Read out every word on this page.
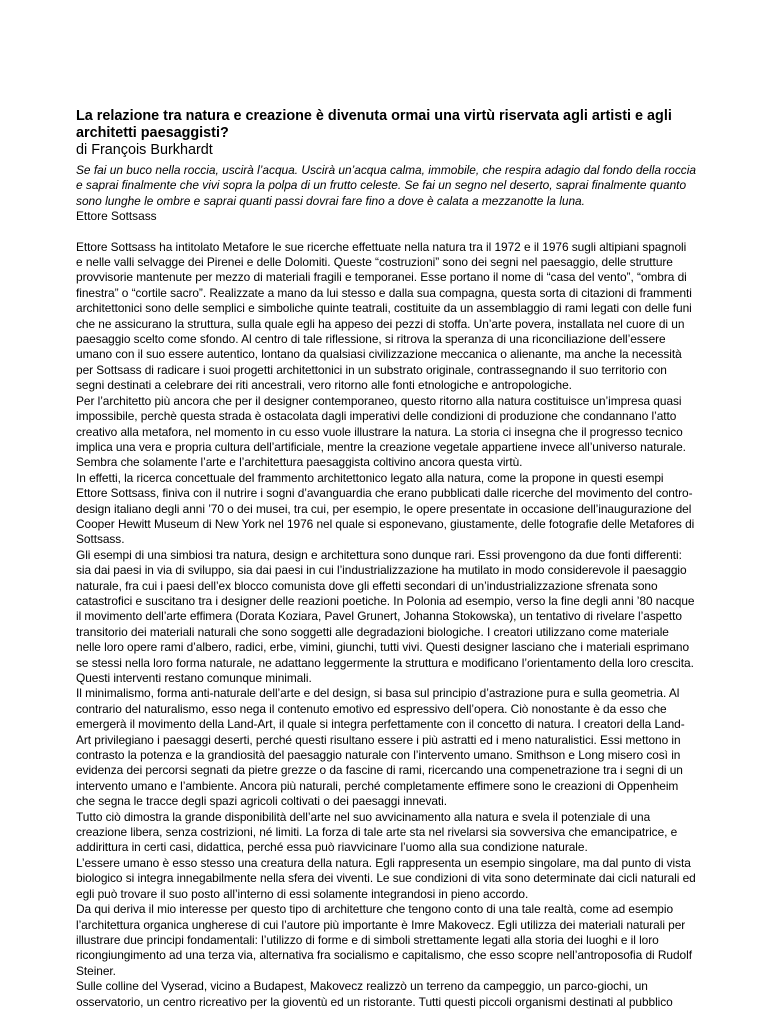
La relazione tra natura e creazione è divenuta ormai una virtù riservata agli artisti e agli architetti paesaggisti?
di François Burkhardt

Se fai un buco nella roccia, uscirà l’acqua. Uscirà un’acqua calma, immobile, che respira adagio dal fondo della roccia e saprai finalmente che vivi sopra la polpa di un frutto celeste. Se fai un segno nel deserto, saprai finalmente quanto sono lunghe le ombre e saprai quanti passi dovrai fare fino a dove è calata a mezzanotte la luna.

Ettore Sottsass

Ettore Sottsass ha intitolato Metafore le sue ricerche effettuate nella natura tra il 1972 e il 1976 sugli altipiani spagnoli e nelle valli selvagge dei Pirenei e delle Dolomiti. Queste “costruzioni” sono dei segni nel paesaggio, delle strutture provvisorie mantenute per mezzo di materiali fragili e temporanei. Esse portano il nome di “casa del vento”, “ombra di finestra” o “cortile sacro”. Realizzate a mano da lui stesso e dalla sua compagna, questa sorta di citazioni di frammenti architettonici sono delle semplici e simboliche quinte teatrali, costituite da un assemblaggio di rami legati con delle funi che ne assicurano la struttura, sulla quale egli ha appeso dei pezzi di stoffa. Un’arte povera, installata nel cuore di un paesaggio scelto come sfondo. Al centro di tale riflessione, si ritrova la speranza di una riconciliazione dell’essere umano con il suo essere autentico, lontano da qualsiasi civilizzazione meccanica o alienante, ma anche la necessità per Sottsass di radicare i suoi progetti architettonici in un substrato originale, contrassegnando il suo territorio con segni destinati a celebrare dei riti ancestrali, vero ritorno alle fonti etnologiche e antropologiche.

Per l’architetto più ancora che per il designer contemporaneo, questo ritorno alla natura costituisce un’impresa quasi impossibile, perchè questa strada è ostacolata dagli imperativi delle condizioni di produzione che condannano l’atto creativo alla metafora, nel momento in cu esso vuole illustrare la natura. La storia ci insegna che il progresso tecnico implica una vera e propria cultura dell’artificiale, mentre la creazione vegetale appartiene invece all’universo naturale. Sembra che solamente l’arte e l’architettura paesaggista coltivino ancora questa virtù.

In effetti, la ricerca concettuale del frammento architettonico legato alla natura, come la propone in questi esempi Ettore Sottsass, finiva con il nutrire i sogni d’avanguardia che erano pubblicati dalle ricerche del movimento del contro-design italiano degli anni ’70 o dei musei, tra cui, per esempio, le opere presentate in occasione dell’inaugurazione del Cooper Hewitt Museum di New York nel 1976 nel quale si esponevano, giustamente, delle fotografie delle Metafores di Sottsass.

Gli esempi di una simbiosi tra natura, design e architettura sono dunque rari. Essi provengono da due fonti differenti: sia dai paesi in via di sviluppo, sia dai paesi in cui l’industrializzazione ha mutilato in modo considerevole il paesaggio naturale, fra cui i paesi dell’ex blocco comunista dove gli effetti secondari di un’industrializzazione sfrenata sono catastrofici e suscitano tra i designer delle reazioni poetiche. In Polonia ad esempio, verso la fine degli anni ’80 nacque il movimento dell’arte effimera (Dorata Koziara, Pavel Grunert, Johanna Stokowska), un tentativo di rivelare l’aspetto transitorio dei materiali naturali che sono soggetti alle degradazioni biologiche. I creatori utilizzano come materiale nelle loro opere rami d’albero, radici, erbe, vimini, giunchi, tutti vivi. Questi designer lasciano che i materiali esprimano se stessi nella loro forma naturale, ne adattano leggermente la struttura e modificano l’orientamento della loro crescita. Questi interventi restano comunque minimali.

Il minimalismo, forma anti-naturale dell’arte e del design, si basa sul principio d’astrazione pura e sulla geometria. Al contrario del naturalismo, esso nega il contenuto emotivo ed espressivo dell’opera. Ciò nonostante è da esso che emergerà il movimento della Land-Art, il quale si integra perfettamente con il concetto di natura. I creatori della Land-Art privilegiano i paesaggi deserti, perché questi risultano essere i più astratti ed i meno naturalistici. Essi mettono in contrasto la potenza e la grandiosità del paesaggio naturale con l’intervento umano. Smithson e Long misero così in evidenza dei percorsi segnati da pietre grezze o da fascine di rami, ricercando una compenetrazione tra i segni di un intervento umano e l’ambiente. Ancora più naturali, perché completamente effimere sono le creazioni di Oppenheim che segna le tracce degli spazi agricoli coltivati o dei paesaggi innevati.

Tutto ciò dimostra la grande disponibilità dell’arte nel suo avvicinamento alla natura e svela il potenziale di una creazione libera, senza costrizioni, né limiti. La forza di tale arte sta nel rivelarsi sia sovversiva che emancipatrice, e addirittura in certi casi, didattica, perché essa può riavvicinare l’uomo alla sua condizione naturale.

L’essere umano è esso stesso una creatura della natura. Egli rappresenta un esempio singolare, ma dal punto di vista biologico si integra innegabilmente nella sfera dei viventi. Le sue condizioni di vita sono determinate dai cicli naturali ed egli può trovare il suo posto all’interno di essi solamente integrandosi in pieno accordo.

Da qui deriva il mio interesse per questo tipo di architetture che tengono conto di una tale realtà, come ad esempio l’architettura organica ungherese di cui l’autore più importante è Imre Makovecz. Egli utilizza dei materiali naturali per illustrare due principi fondamentali: l’utilizzo di forme e di simboli strettamente legati alla storia dei luoghi e il loro ricongiungimento ad una terza via, alternativa fra socialismo e capitalismo, che esso scopre nell’antroposofia di Rudolf Steiner.

Sulle colline del Vyserad, vicino a Budapest, Makovecz realizzò un terreno da campeggio, un parco-giochi, un osservatorio, un centro ricreativo per la gioventù ed un ristorante. Tutti questi piccoli organismi destinati al pubblico
